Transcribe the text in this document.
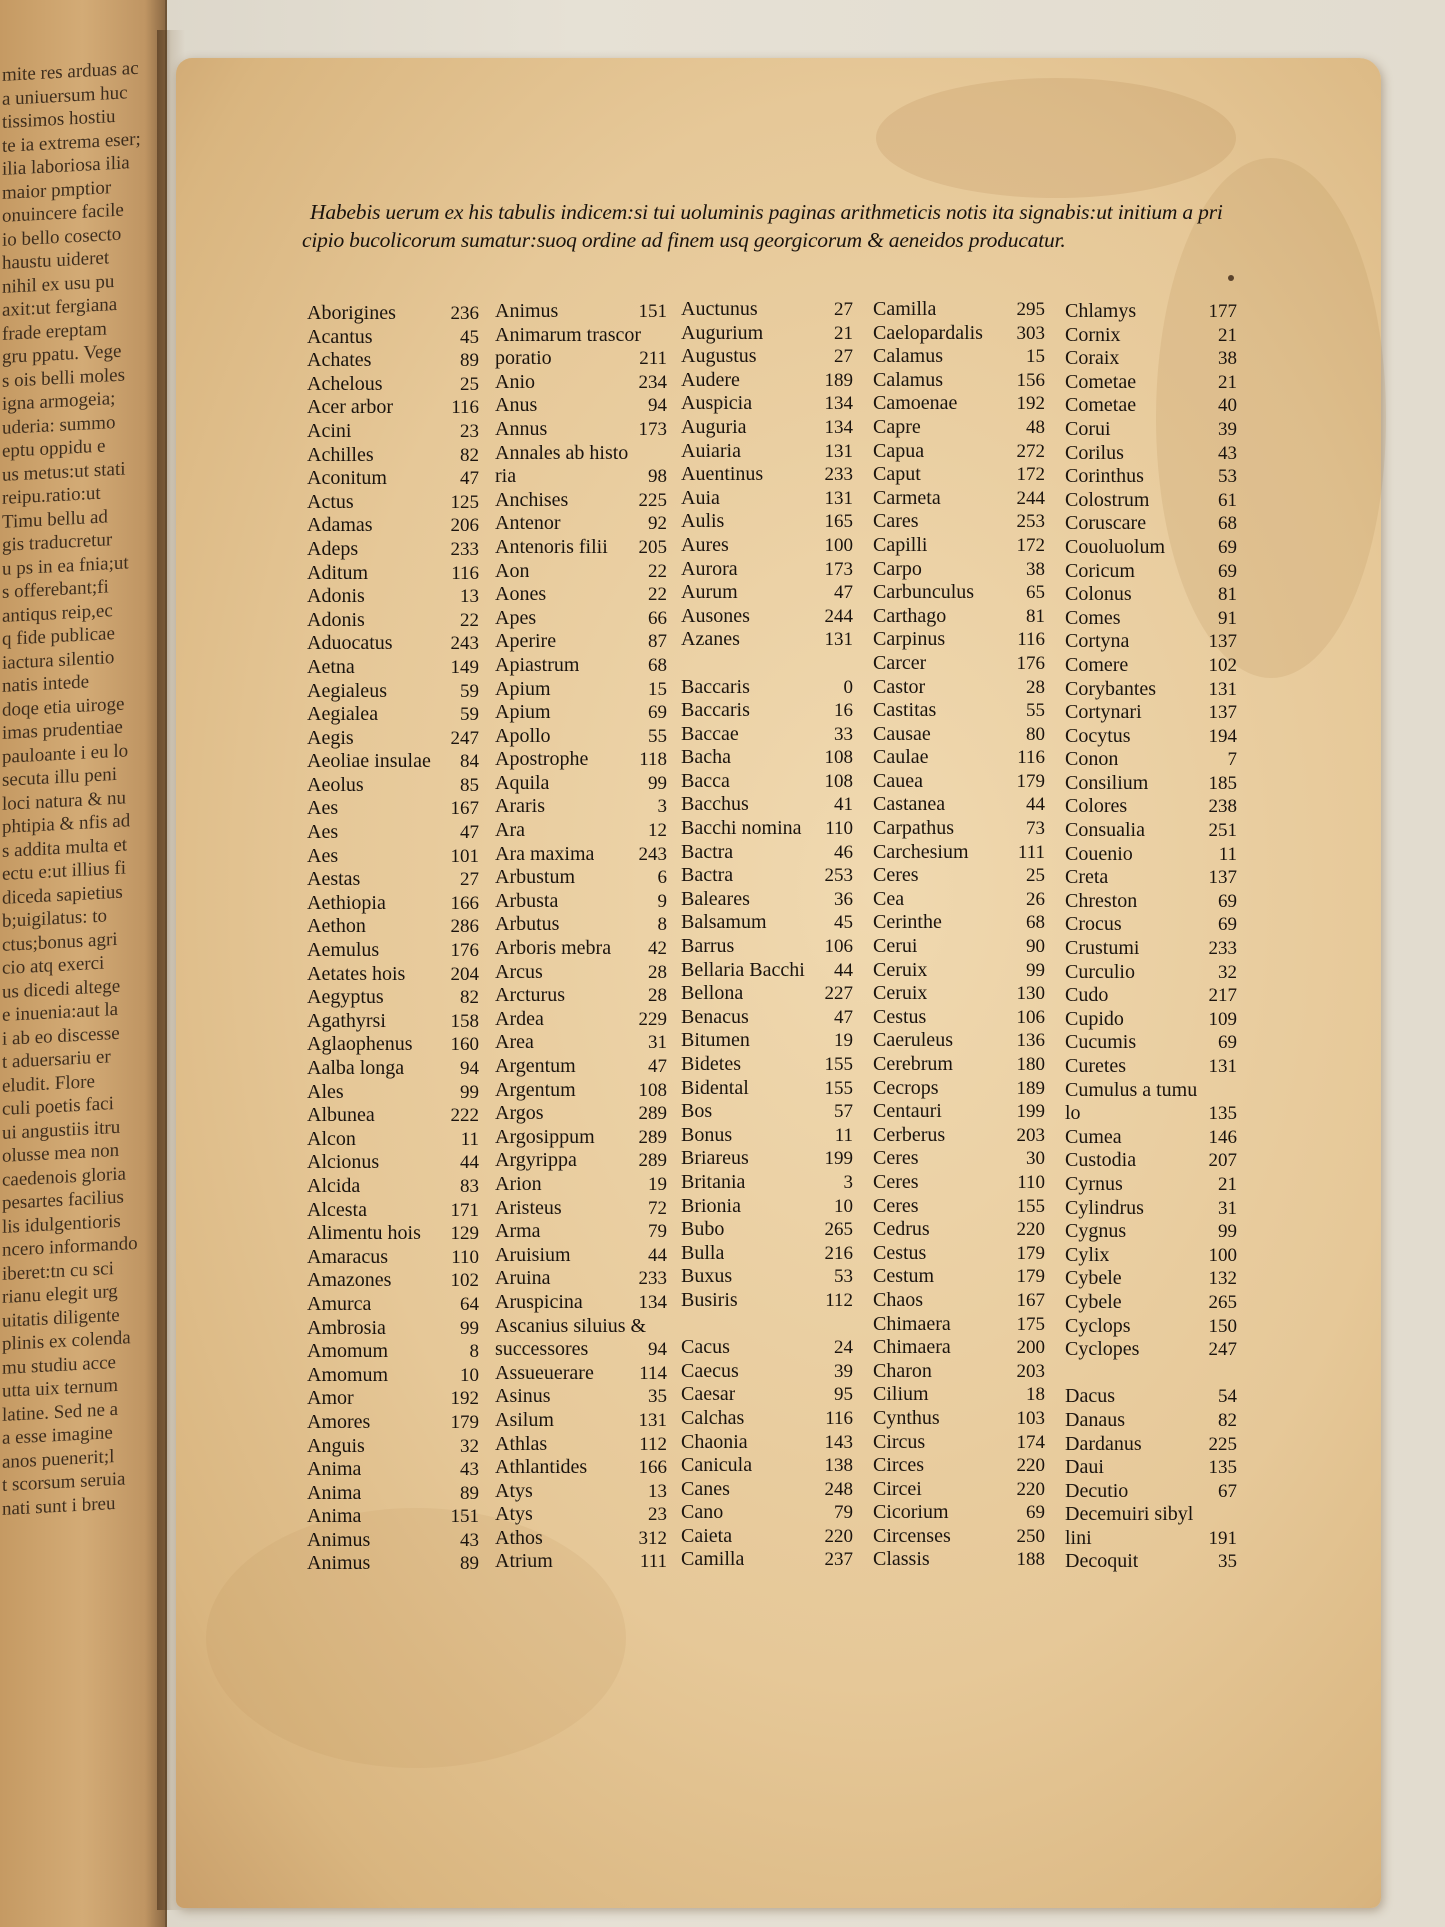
mite res arduas ac
a uniuersum huc
tissimos hostiu
te ia extrema eser;
ilia laboriosa ilia
maior pmptior
onuincere facile
io bello cosecto
haustu uideret
nihil ex usu pu
axit:ut fergiana
frade ereptam
gru ppatu. Vege
s ois belli moles
igna armogeia;
uderia: summo
eptu oppidu e
us metus:ut stati
reipu.ratio:ut
Timu bellu ad
gis traducretur
u ps in ea fnia;ut
s offerebant;fi
antiqus reip,ec
q fide publicae
iactura silentio
natis intede
doqe etia uiroge
imas prudentiae
pauloante i eu lo
secuta illu peni
loci natura & nu
phtipia & nfis ad
s addita multa et
ectu e:ut illius fi
diceda sapietius
b;uigilatus: to
ctus;bonus agri
cio atq exerci
us dicedi altege
e inuenia:aut la
i ab eo discesse
t aduersariu er
eludit. Flore
culi poetis faci
ui angustiis itru
olusse mea non
caedenois gloria
pesartes facilius
lis idulgentioris
ncero informando
iberet:tn cu sci
rianu elegit urg
uitatis diligente
plinis ex colenda
mu studiu acce
utta uix ternum
latine. Sed ne a
a esse imagine
anos puenerit;l
t scorsum seruia
nati sunt i breu
Habebis uerum ex his tabulis indicem:si tui uoluminis paginas arithmeticis notis ita signabis:ut initium a pri
cipio bucolicorum sumatur:suoq ordine ad finem usq georgicorum & aeneidos producatur.
Aborigines	236
Acantus	45
Achates	89
Achelous	25
Acer arbor	116
Acini	23
Achilles	82
Aconitum	47
Actus	125
Adamas	206
Adeps	233
Aditum	116
Adonis	13
Adonis	22
Aduocatus	243
Aetna	149
Aegialeus	59
Aegialea	59
Aegis	247
Aeoliae insulae 84
Aeolus	85
Aes	167
Aes	47
Aes	101
Aestas	27
Aethiopia	166
Aethon	286
Aemulus	176
Aetates hois 204
Aegyptus	82
Agathyrsi	158
Aglaophenus 160
Aalba longa	94
Ales	99
Albunea	222
Alcon	11
Alcionus	44
Alcida	83
Alcesta	171
Alimentu hois 129
Amaracus	110
Amazones	102
Amurca	64
Ambrosia	99
Amomum	8
Amomum	10
Amor	192
Amores	179
Anguis	32
Anima	43
Anima	89
Anima	151
Animus	43
Animus	89
Animus	151
Animarum trascor
poratio	211
Anio	234
Anus	94
Annus	173
Annales ab histo
ria	98
Anchises	225
Antenor	92
Antenoris filii 205
Aon	22
Aones	22
Apes	66
Aperire	87
Apiastrum	68
Apium	15
Apium	69
Apollo	55
Apostrophe	118
Aquila	99
Araris	3
Ara	12
Ara maxima 243
Arbustum	6
Arbusta	9
Arbutus	8
Arboris mebra 42
Arcus	28
Arcturus	28
Ardea	229
Area	31
Argentum	47
Argentum	108
Argos	289
Argosippum 289
Argyrippa	289
Arion	19
Aristeus	72
Arma	79
Aruisium	44
Aruina	233
Aruspicina	134
Ascanius siluius &
successores	94
Assueuerare 114
Asinus	35
Asilum	131
Athlas	112
Athlantides	166
Atys	13
Atys	23
Athos	312
Atrium	111
Auctunus	27
Augurium	21
Augustus	27
Audere	189
Auspicia	134
Auguria	134
Auiaria	131
Auentinus	233
Auia	131
Aulis	165
Aures	100
Aurora	173
Aurum	47
Ausones	244
Azanes	131
Baccaris	0
Baccaris	16
Baccae	33
Bacha	108
Bacca	108
Bacchus	41
Bacchi nomina 110
Bactra	46
Bactra	253
Baleares	36
Balsamum	45
Barrus	106
Bellaria Bacchi 44
Bellona	227
Benacus	47
Bitumen	19
Bidetes	155
Bidental	155
Bos	57
Bonus	11
Briareus	199
Britania	3
Brionia	10
Bubo	265
Bulla	216
Buxus	53
Busiris	112
Cacus	24
Caecus	39
Caesar	95
Calchas	116
Chaonia	143
Canicula	138
Canes	248
Cano	79
Caieta	220
Camilla	237
Camilla	295
Caelopardalis 303
Calamus	15
Calamus	156
Camoenae	192
Capre	48
Capua	272
Caput	172
Carmeta	244
Cares	253
Capilli	172
Carpo	38
Carbunculus	65
Carthago	81
Carpinus	116
Carcer	176
Castor	28
Castitas	55
Causae	80
Caulae	116
Cauea	179
Castanea	44
Carpathus	73
Carchesium	111
Ceres	25
Cea	26
Cerinthe	68
Cerui	90
Ceruix	99
Ceruix	130
Cestus	106
Caeruleus	136
Cerebrum	180
Cecrops	189
Centauri	199
Cerberus	203
Ceres	30
Ceres	110
Ceres	155
Cedrus	220
Cestus	179
Cestum	179
Chaos	167
Chimaera	175
Chimaera	200
Charon	203
Cilium	18
Cynthus	103
Circus	174
Circes	220
Circei	220
Cicorium	69
Circenses	250
Classis	188
Chlamys	177
Cornix	21
Coraix	38
Cometae	21
Cometae	40
Corui	39
Corilus	43
Corinthus	53
Colostrum	61
Coruscare	68
Couoluolum	69
Coricum	69
Colonus	81
Comes	91
Cortyna	137
Comere	102
Corybantes	131
Cortynari	137
Cocytus	194
Conon	7
Consilium	185
Colores	238
Consualia	251
Couenio	11
Creta	137
Chreston	69
Crocus	69
Crustumi	233
Curculio	32
Cudo	217
Cupido	109
Cucumis	69
Curetes	131
Cumulus a tumu
lo	135
Cumea	146
Custodia	207
Cyrnus	21
Cylindrus	31
Cygnus	99
Cylix	100
Cybele	132
Cybele	265
Cyclops	150
Cyclopes	247
Dacus	54
Danaus	82
Dardanus	225
Daui	135
Decutio	67
Decemuiri sibyl
lini	191
Decoquit	35
